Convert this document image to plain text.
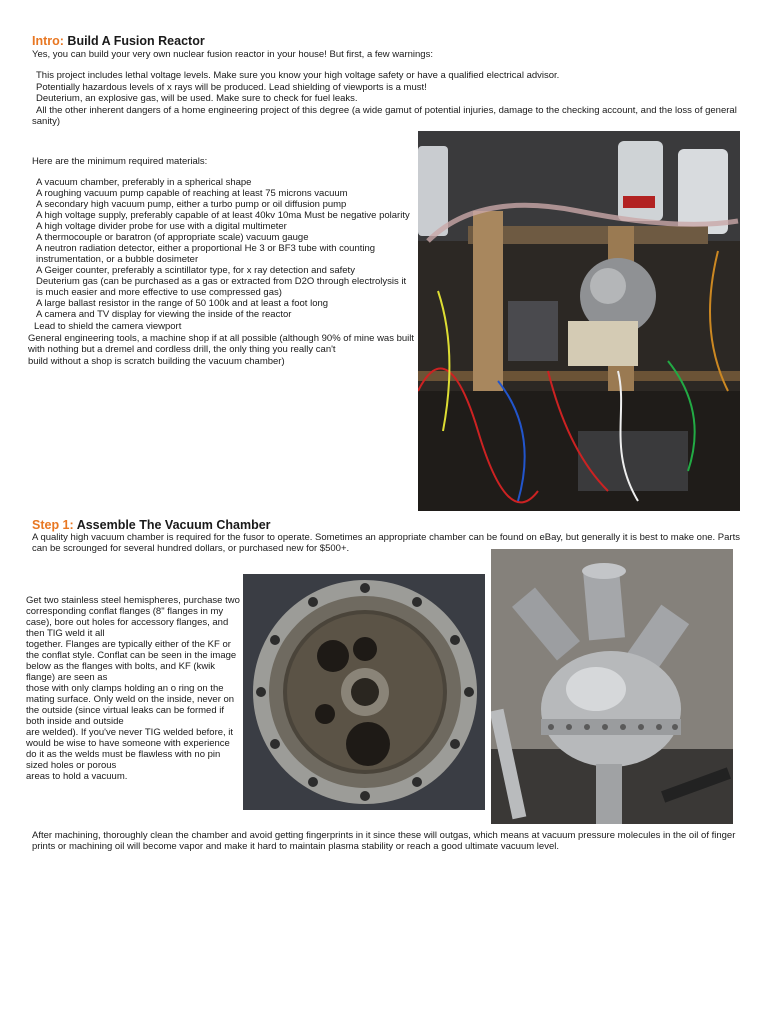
Intro: Build A Fusion Reactor
Yes, you can build your very own nuclear fusion reactor in your house! But first, a few warnings:
This project includes lethal voltage levels. Make sure you know your high voltage safety or have a qualified electrical advisor.
Potentially hazardous levels of x rays will be produced. Lead shielding of viewports is a must!
Deuterium, an explosive gas, will be used. Make sure to check for fuel leaks.
All the other inherent dangers of a home engineering project of this degree (a wide gamut of potential injuries, damage to the checking account, and the loss of general
sanity)
Here are the minimum required materials:
A vacuum chamber, preferably in a spherical shape
A roughing vacuum pump capable of reaching at least 75 microns vacuum
A secondary high vacuum pump, either a turbo pump or oil diffusion pump
A high voltage supply, preferably capable of at least 40kv 10ma Must be negative polarity
A high voltage divider probe for use with a digital multimeter
A thermocouple or baratron (of appropriate scale) vacuum gauge
A neutron radiation detector, either a proportional He 3 or BF3 tube with counting
instrumentation, or a bubble dosimeter
A Geiger counter, preferably a scintillator type, for x ray detection and safety
Deuterium gas (can be purchased as a gas or extracted from D2O through electrolysis it
is much easier and more effective to use compressed gas)
A large ballast resistor in the range of 50 100k and at least a foot long
A camera and TV display for viewing the inside of the reactor
Lead to shield the camera viewport
General engineering tools, a machine shop if at all possible (although 90% of mine was built
with nothing but a dremel and cordless drill, the only thing you really can't
build without a shop is scratch building the vacuum chamber)
Step 1: Assemble The Vacuum Chamber
A quality high vacuum chamber is required for the fusor to operate. Sometimes an appropriate chamber can be found on eBay, but generally it is best to make one. Parts
can be scrounged for several hundred dollars, or purchased new for $500+.
Get two stainless steel hemispheres, purchase two
corresponding conflat flanges (8" flanges in my
case), bore out holes for accessory flanges, and
then TIG weld it all
together. Flanges are typically either of the KF or
the conflat style. Conflat can be seen in the image
below as the flanges with bolts, and KF (kwik
flange) are seen as
those with only clamps holding an o ring on the
mating surface. Only weld on the inside, never on
the outside (since virtual leaks can be formed if
both inside and outside
are welded). If you've never TIG welded before, it
would be wise to have someone with experience
do it as the welds must be flawless with no pin
sized holes or porous
areas to hold a vacuum.
After machining, thoroughly clean the chamber and avoid getting fingerprints in it since these will outgas, which means at vacuum pressure molecules in the oil of finger
prints or machining oil will become vapor and make it hard to maintain plasma stability or reach a good ultimate vacuum level.
